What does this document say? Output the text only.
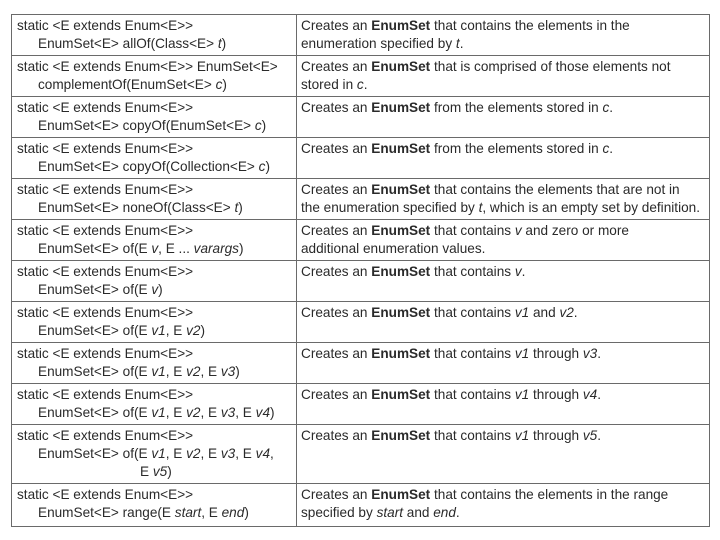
static <E extends Enum<E>>
EnumSet<E> allOf(Class<E> t)	Creates an EnumSet that contains the elements in the
enumeration specified by t.

static <E extends Enum<E>> EnumSet<E>
complementOf(EnumSet<E> c)	Creates an EnumSet that is comprised of those elements not
stored in c.

static <E extends Enum<E>>
EnumSet<E> copyOf(EnumSet<E> c)	Creates an EnumSet from the elements stored in c.

static <E extends Enum<E>>
EnumSet<E> copyOf(Collection<E> c)	Creates an EnumSet from the elements stored in c.

static <E extends Enum<E>>
EnumSet<E> noneOf(Class<E> t)	Creates an EnumSet that contains the elements that are not in
the enumeration specified by t, which is an empty set by definition.

static <E extends Enum<E>>
EnumSet<E> of(E v, E ... varargs)	Creates an EnumSet that contains v and zero or more
additional enumeration values.

static <E extends Enum<E>>
EnumSet<E> of(E v)	Creates an EnumSet that contains v.

static <E extends Enum<E>>
EnumSet<E> of(E v1, E v2)	Creates an EnumSet that contains v1 and v2.

static <E extends Enum<E>>
EnumSet<E> of(E v1, E v2, E v3)	Creates an EnumSet that contains v1 through v3.

static <E extends Enum<E>>
EnumSet<E> of(E v1, E v2, E v3, E v4)	Creates an EnumSet that contains v1 through v4.

static <E extends Enum<E>>
EnumSet<E> of(E v1, E v2, E v3, E v4,
E v5)	Creates an EnumSet that contains v1 through v5.

static <E extends Enum<E>>
EnumSet<E> range(E start, E end)	Creates an EnumSet that contains the elements in the range
specified by start and end.
